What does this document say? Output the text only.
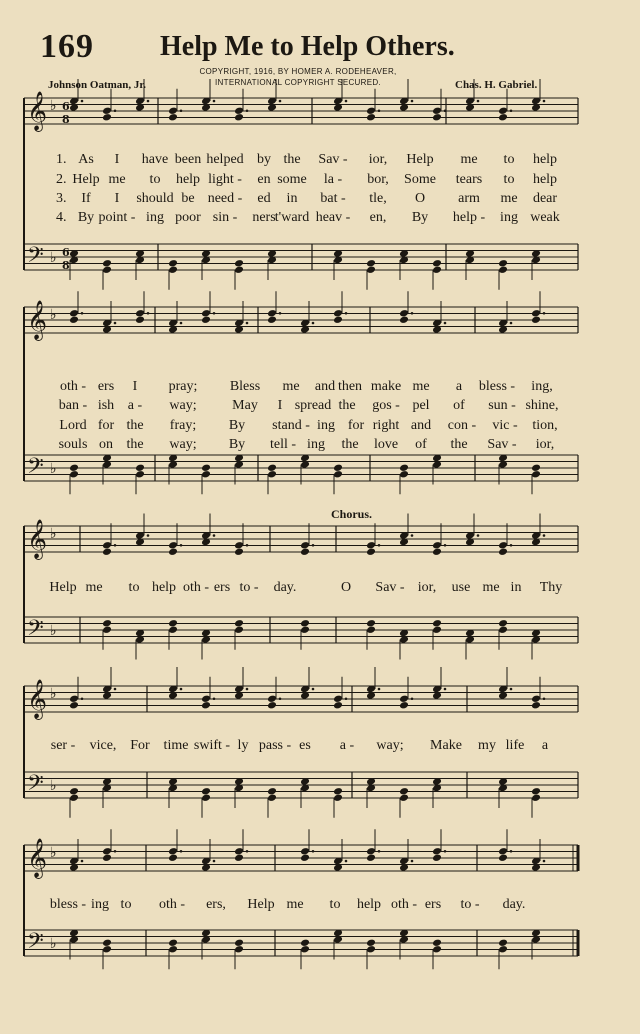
𝄞 ♭ 6
8
𝄢 ♭ 6
8
𝄞 ♭
𝄢 ♭
𝄞 ♭
𝄢 ♭
𝄞 ♭
𝄢 ♭
𝄞 ♭
𝄢 ♭
169 Help Me to Help Others.
COPYRIGHT, 1916, BY HOMER A. RODEHEAVER,
INTERNATIONAL COPYRIGHT SECURED.
Johnson Oatman, Jr.	Chas. H. Gabriel.
Chorus.
1. As I have been helped by the Sav - ior, Help me to help
2. Help me to help light - en some la - bor, Some tears to help
3. If I should be need - ed in bat - tle, O arm me dear
4. By point - ing poor sin - ners t'ward heav - en, By help - ing weak
oth - ers I pray; Bless me and then make me a bless - ing,
ban - ish a - way;	May I spread the gos - pel of sun - shine,
Lord for the fray; By stand - ing for right and con - vic - tion,
souls on the way; By tell - ing the love of the Sav - ior,
Help me to help oth - ers to - day.	O Sav - ior, use me in Thy
ser - vice, For time swift - ly pass - es a - way; Make my life a
bless - ing to oth - ers, Help me to help oth - ers to - day.
